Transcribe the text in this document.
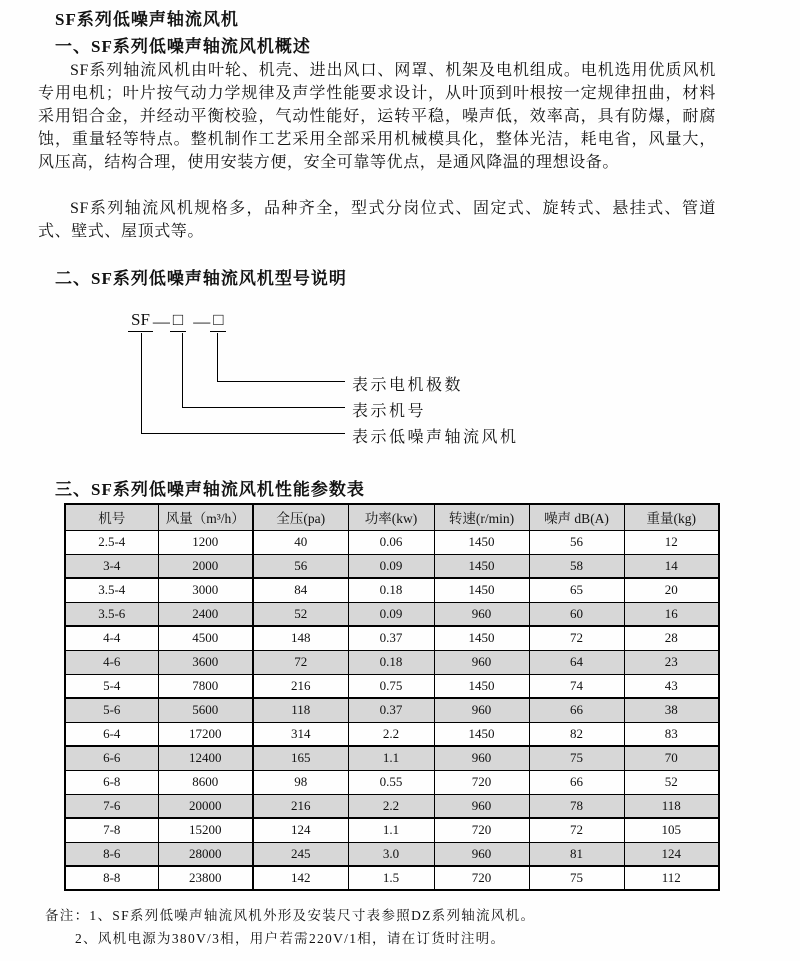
SF系列低噪声轴流风机
一、SF系列低噪声轴流风机概述

SF系列轴流风机由叶轮、机壳、进出风口、网罩、机架及电机组成。电机选用优质风机专用电机；叶片按气动力学规律及声学性能要求设计，从叶顶到叶根按一定规律扭曲，材料采用铝合金，并经动平衡校验，气动性能好，运转平稳，噪声低，效率高，具有防爆，耐腐蚀，重量轻等特点。整机制作工艺采用全部采用机械模具化，整体光洁，耗电省，风量大，风压高，结构合理，使用安装方便，安全可靠等优点，是通风降温的理想设备。

SF系列轴流风机规格多，品种齐全，型式分岗位式、固定式、旋转式、悬挂式、管道式、壁式、屋顶式等。

二、SF系列低噪声轴流风机型号说明
SF — □ — □
表示电机极数
表示机号
表示低噪声轴流风机
三、SF系列低噪声轴流风机性能参数表
机号	风量（m³/h）	全压(pa)	功率(kw)	转速(r/min)	噪声 dB(A)	重量(kg)
2.5-4	1200	40	0.06	1450	56	12
3-4	2000	56	0.09	1450	58	14
3.5-4	3000	84	0.18	1450	65	20
3.5-6	2400	52	0.09	960	60	16
4-4	4500	148	0.37	1450	72	28
4-6	3600	72	0.18	960	64	23
5-4	7800	216	0.75	1450	74	43
5-6	5600	118	0.37	960	66	38
6-4	17200	314	2.2	1450	82	83
6-6	12400	165	1.1	960	75	70
6-8	8600	98	0.55	720	66	52
7-6	20000	216	2.2	960	78	118
7-8	15200	124	1.1	720	72	105
8-6	28000	245	3.0	960	81	124
8-8	23800	142	1.5	720	75	112
备注：1、SF系列低噪声轴流风机外形及安装尺寸表参照DZ系列轴流风机。
2、风机电源为380V/3相，用户若需220V/1相，请在订货时注明。
